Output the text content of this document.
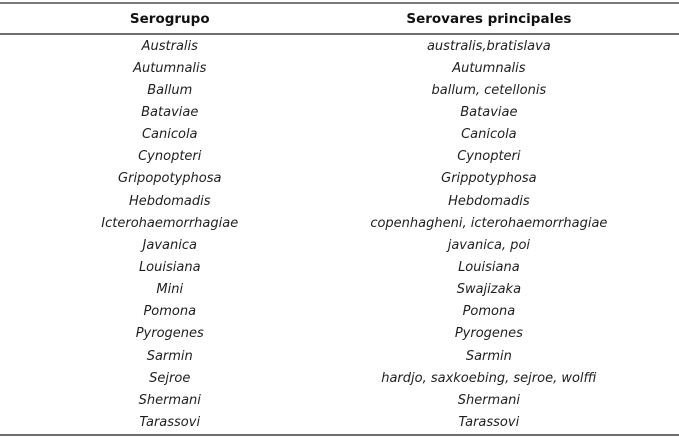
Serogrupo	Serovares principales
Australis	australis,bratislava
Autumnalis	Autumnalis
Ballum	ballum, cetellonis
Bataviae	Bataviae
Canicola	Canicola
Cynopteri	Cynopteri
Gripopotyphosa	Grippotyphosa
Hebdomadis	Hebdomadis
Icterohaemorrhagiae	copenhagheni, icterohaemorrhagiae
Javanica	javanica, poi
Louisiana	Louisiana
Mini	Swajizaka
Pomona	Pomona
Pyrogenes	Pyrogenes
Sarmin	Sarmin
Sejroe	hardjo, saxkoebing, sejroe, wolffi
Shermani	Shermani
Tarassovi	Tarassovi
